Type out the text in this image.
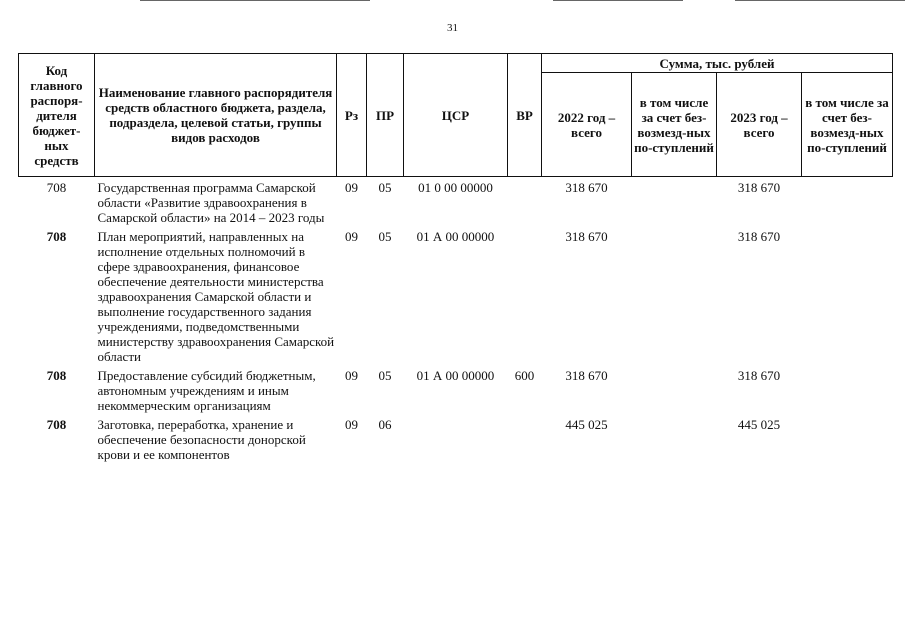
31
Код главного распоря-дителя бюджет-ных средств	Наименование главного распорядителя средств областного бюджета, раздела, подраздела, целевой статьи, группы видов расходов	Рз	ПР	ЦСР	ВР	Сумма, тыс. рублей			
						2022 год – всего	в том числе за счет без-возмезд-ных по-ступлений	2023 год – всего	в том числе за счет без-возмезд-ных по-ступлений
708	Государственная программа Самарской области «Развитие здравоохранения в Самарской области» на 2014 – 2023 годы	09	05	01 0 00 00000		318 670		318 670	
708	План мероприятий, направленных на исполнение отдельных полномочий в сфере здравоохранения, финансовое обеспечение деятельности министерства здравоохранения Самарской области и выполнение государственного задания учреждениями, подведомственными министерству здравоохранения Самарской области	09	05	01 А 00 00000		318 670		318 670	
708	Предоставление субсидий бюджетным, автономным учреждениям и иным некоммерческим организациям	09	05	01 А 00 00000	600	318 670		318 670	
708	Заготовка, переработка, хранение и обеспечение безопасности донорской крови и ее компонентов	09	06			445 025		445 025	
